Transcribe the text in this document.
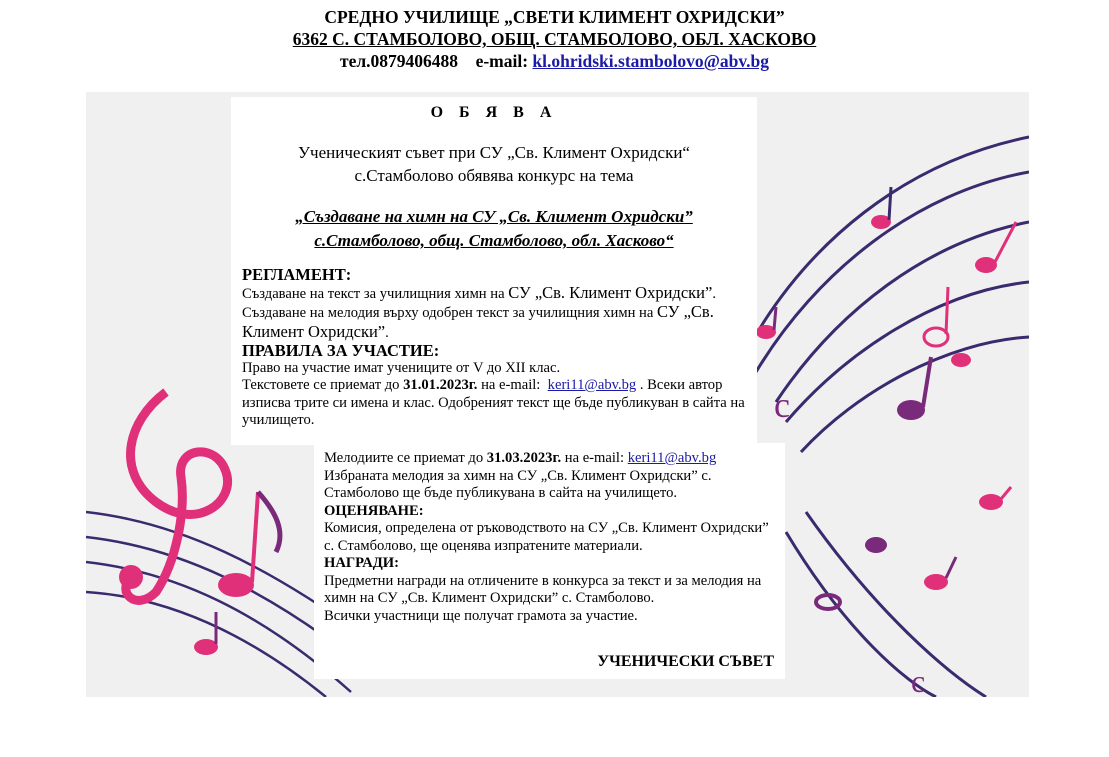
СРЕДНО УЧИЛИЩЕ „СВЕТИ КЛИМЕНТ ОХРИДСКИ”
6362 С. СТАМБОЛОВО, ОБЩ. СТАМБОЛОВО, ОБЛ. ХАСКОВО
тел.0879406488 e-mail: kl.ohridski.stambolovo@abv.bg
c
c
О Б Я В А
Ученическият съвет при СУ „Св. Климент Охридски“
с.Стамболово обявява конкурс на тема
„Създаване на химн на СУ „Св. Климент Охридски”
с.Стамболово, общ. Стамболово, обл. Хасково“
РЕГЛАМЕНТ:
Създаване на текст за училищния химн на СУ „Св. Климент Охридски”. Създаване на мелодия върху одобрен текст за училищния химн на СУ „Св. Климент Охридски”.
ПРАВИЛА ЗА УЧАСТИЕ:
Право на участие имат учениците от V до XII клас.
Текстовете се приемат до 31.01.2023г. на e-mail: keri11@abv.bg . Всеки автор изписва трите си имена и клас. Одобреният текст ще бъде публикуван в сайта на училището.
Мелодиите се приемат до 31.03.2023г. на e-mail: keri11@abv.bg
Избраната мелодия за химн на СУ „Св. Климент Охридски” с. Стамболово ще бъде публикувана в сайта на училището.
ОЦЕНЯВАНЕ:
Комисия, определена от ръководството на СУ „Св. Климент Охридски” с. Стамболово, ще оценява изпратените материали.
НАГРАДИ:
Предметни награди на отличените в конкурса за текст и за мелодия на химн на СУ „Св. Климент Охридски” с. Стамболово.
Всички участници ще получат грамота за участие.
УЧЕНИЧЕСКИ СЪВЕТ
